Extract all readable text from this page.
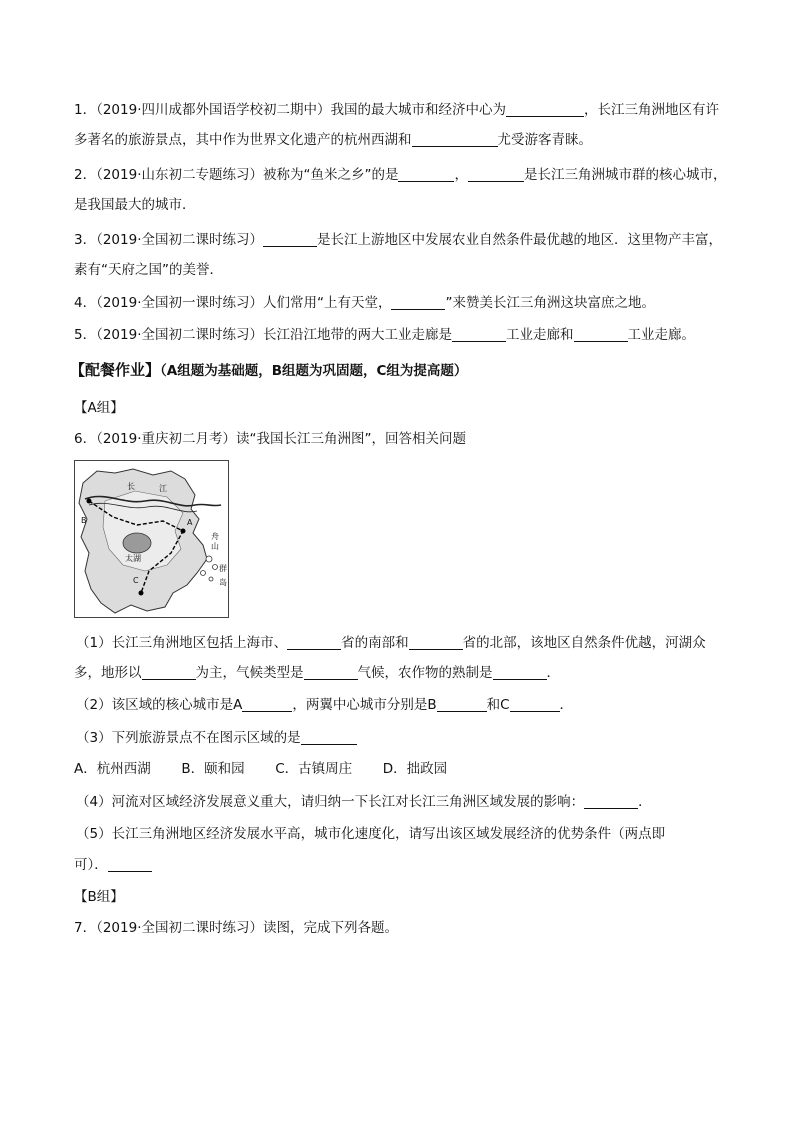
1．（2019·四川成都外国语学校初二期中）我国的最大城市和经济中心为	，长江三角洲地区有许
多著名的旅游景点，其中作为世界文化遗产的杭州西湖和	尤受游客青睐。
2．（2019·山东初二专题练习）被称为“鱼米之乡”的是	，	是长江三角洲城市群的核心城市，
是我国最大的城市．
3．（2019·全国初二课时练习）	是长江上游地区中发展农业自然条件最优越的地区．这里物产丰富，
素有“天府之国”的美誉．
4．（2019·全国初一课时练习）人们常用“上有天堂，	”来赞美长江三角洲这块富庶之地。
5．（2019·全国初二课时练习）长江沿江地带的两大工业走廊是	工业走廊和	工业走廊。
【配餐作业】（A组题为基础题，B组题为巩固题，C组为提高题）
【A组】
6．（2019·重庆初二月考）读“我国长江三角洲图”，回答相关问题
B
长	江
A
C
舟
山
群
岛
太湖
（1）长江三角洲地区包括上海市、	省的南部和	省的北部，该地区自然条件优越，河湖众
多，地形以	为主，气候类型是	气候，农作物的熟制是	．
（2）该区域的核心城市是A	，两翼中心城市分别是B	和C	．
（3）下列旅游景点不在图示区域的是
A．杭州西湖 B．颐和园 C．古镇周庄 D．拙政园
（4）河流对区域经济发展意义重大，请归纳一下长江对长江三角洲区域发展的影响：	．
（5）长江三角洲地区经济发展水平高，城市化速度化，请写出该区域发展经济的优势条件（两点即
可）．
【B组】
7．（2019·全国初二课时练习）读图，完成下列各题。
